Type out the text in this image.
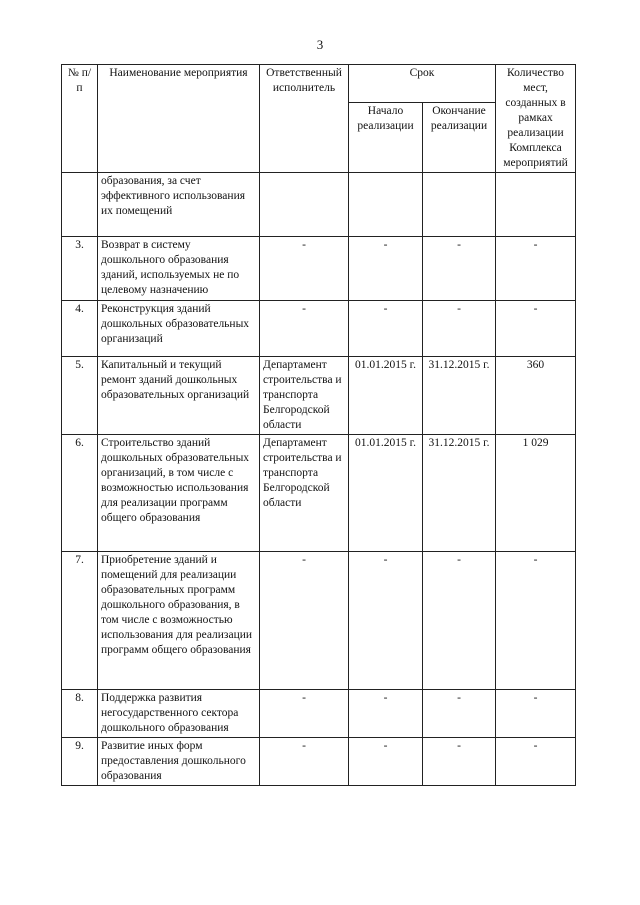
3
№ п/п	Наименование мероприятия	Ответственный исполнитель	Срок		Количество мест, созданных в рамках реализации Комплекса мероприятий
			Начало реализации	Окончание реализации	
	образования, за счет эффективного использования их помещений				
3.	Возврат в систему дошкольного образования зданий, используемых не по целевому назначению	-	-	-	-
4.	Реконструкция зданий дошкольных образовательных организаций	-	-	-	-
5.	Капитальный и текущий ремонт зданий дошкольных образовательных организаций	Департамент строительства и транспорта Белгородской области	01.01.2015 г.	31.12.2015 г.	360
6.	Строительство зданий дошкольных образовательных организаций, в том числе с возможностью использования для реализации программ общего образования	Департамент строительства и транспорта Белгородской области	01.01.2015 г.	31.12.2015 г.	1 029
7.	Приобретение зданий и помещений для реализации образовательных программ дошкольного образования, в том числе с возможностью использования для реализации программ общего образования	-	-	-	-
8.	Поддержка развития негосударственного сектора дошкольного образования	-	-	-	-
9.	Развитие иных форм предоставления дошкольного образования	-	-	-	-
